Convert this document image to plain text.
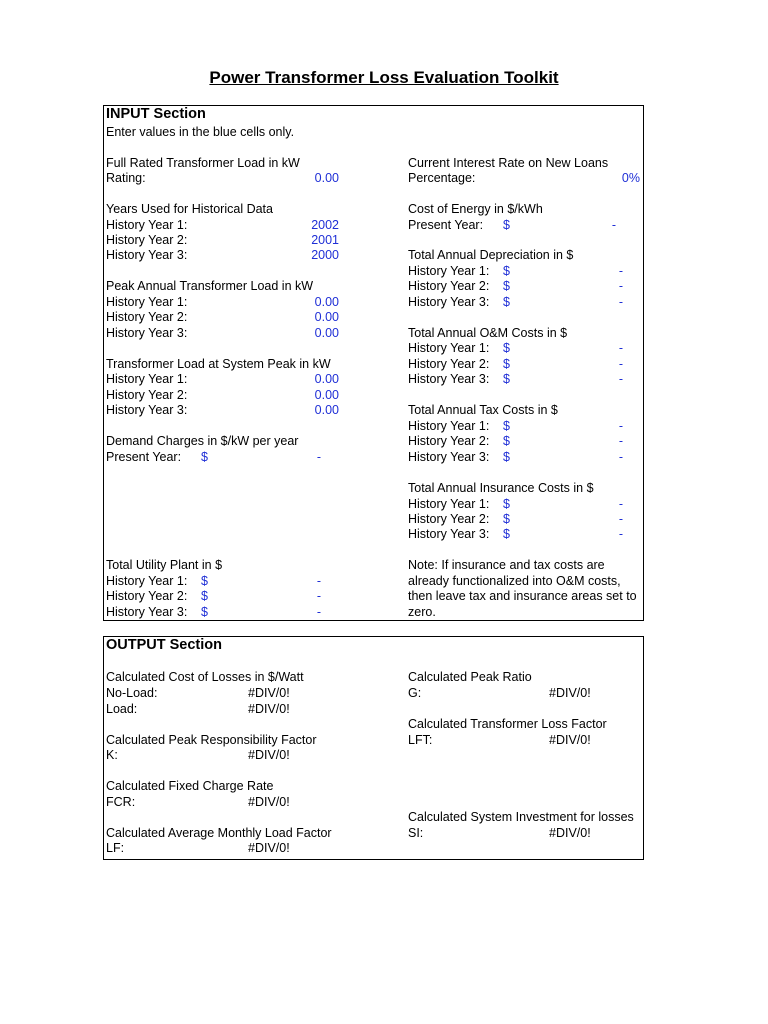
Power Transformer Loss Evaluation Toolkit
INPUT Section
Enter values in the blue cells only.
Full Rated Transformer Load in kW
Rating:	0.00
Years Used for Historical Data
History Year 1:	2002
History Year 2:	2001
History Year 3:	2000
Peak Annual Transformer Load in kW
History Year 1:	0.00
History Year 2:	0.00
History Year 3:	0.00
Transformer Load at System Peak in kW
History Year 1:	0.00
History Year 2:	0.00
History Year 3:	0.00
Demand Charges in $/kW per year
Present Year: $	-
Total Utility Plant in $
History Year 1: $	-
History Year 2: $	-
History Year 3: $	-
Current Interest Rate on New Loans
Percentage:	0%
Cost of Energy in $/kWh
Present Year: $	-
Total Annual Depreciation in $
History Year 1: $	-
History Year 2: $	-
History Year 3: $	-
Total Annual O&M Costs in $
History Year 1: $	-
History Year 2: $	-
History Year 3: $	-
Total Annual Tax Costs in $
History Year 1: $	-
History Year 2: $	-
History Year 3: $	-
Total Annual Insurance Costs in $
History Year 1: $	-
History Year 2: $	-
History Year 3: $	-
Note: If insurance and tax costs are
already functionalized into O&M costs,
then leave tax and insurance areas set to
zero.
OUTPUT Section
Calculated Cost of Losses in $/Watt
No-Load:	#DIV/0!
Load:	#DIV/0!
Calculated Peak Responsibility Factor
K:	#DIV/0!
Calculated Fixed Charge Rate
FCR:	#DIV/0!
Calculated Average Monthly Load Factor
LF:	#DIV/0!
Calculated Peak Ratio
G:	#DIV/0!
Calculated Transformer Loss Factor
LFT:	#DIV/0!
Calculated System Investment for losses
SI:	#DIV/0!
